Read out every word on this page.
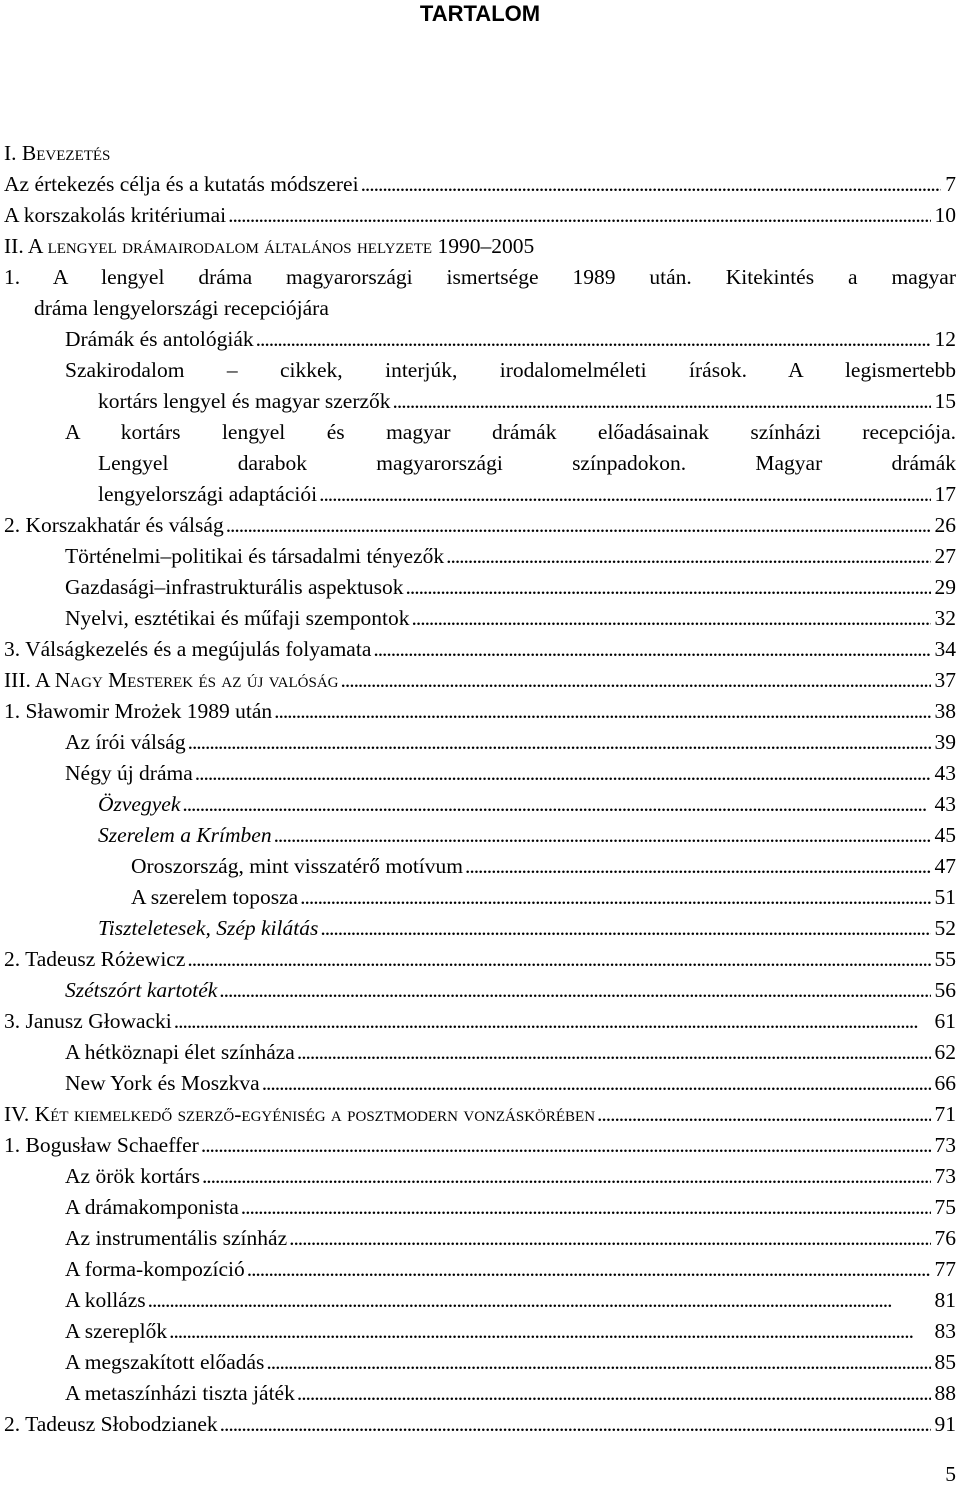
TARTALOM
I. Bevezetés
Az értekezés célja és a kutatás módszerei . . .	7
A korszakolás kritériumai . . .	10
II. A lengyel drámairodalom általános helyzete 1990–2005
1. A lengyel dráma magyarországi ismertsége 1989 után. Kitekintés a magyar
dráma lengyelországi recepciójára
Drámák és antológiák . . .	12
Szakirodalom – cikkek, interjúk, irodalomelméleti írások. A legismertebb
kortárs lengyel és magyar szerzők . . .	15
A kortárs lengyel és magyar drámák előadásainak színházi recepciója.
Lengyel darabok magyarországi színpadokon. Magyar drámák
lengyelországi adaptációi . . .	17
2. Korszakhatár és válság . . .	26
Történelmi–politikai és társadalmi tényezők . . .	27
Gazdasági–infrastrukturális aspektusok . . .	29
Nyelvi, esztétikai és műfaji szempontok . . .	32
3. Válságkezelés és a megújulás folyamata . . .	34
III. A Nagy Mesterek és az új valóság . . .	37
1. Sławomir Mrożek 1989 után . . .	38
Az írói válság . . .	39
Négy új dráma . . .	43
Özvegyek . . .	43
Szerelem a Krímben . . .	45
Oroszország, mint visszatérő motívum . . .	47
A szerelem toposza . . .	51
Tiszteletesek, Szép kilátás . . .	52
2. Tadeusz Różewicz . . .	55
Szétszórt kartoték . . .	56
3. Janusz Głowacki . . .	61
A hétköznapi élet színháza . . .	62
New York és Moszkva . . .	66
IV. Két kiemelkedő szerző-egyéniség a posztmodern vonzáskörében . . .	71
1. Bogusław Schaeffer . . .	73
Az örök kortárs . . .	73
A drámakomponista . . .	75
Az instrumentális színház . . .	76
A forma-kompozíció . . .	77
A kollázs . . .	81
A szereplők . . .	83
A megszakított előadás . . .	85
A metaszínházi tiszta játék . . .	88
2. Tadeusz Słobodzianek . . .	91
5
